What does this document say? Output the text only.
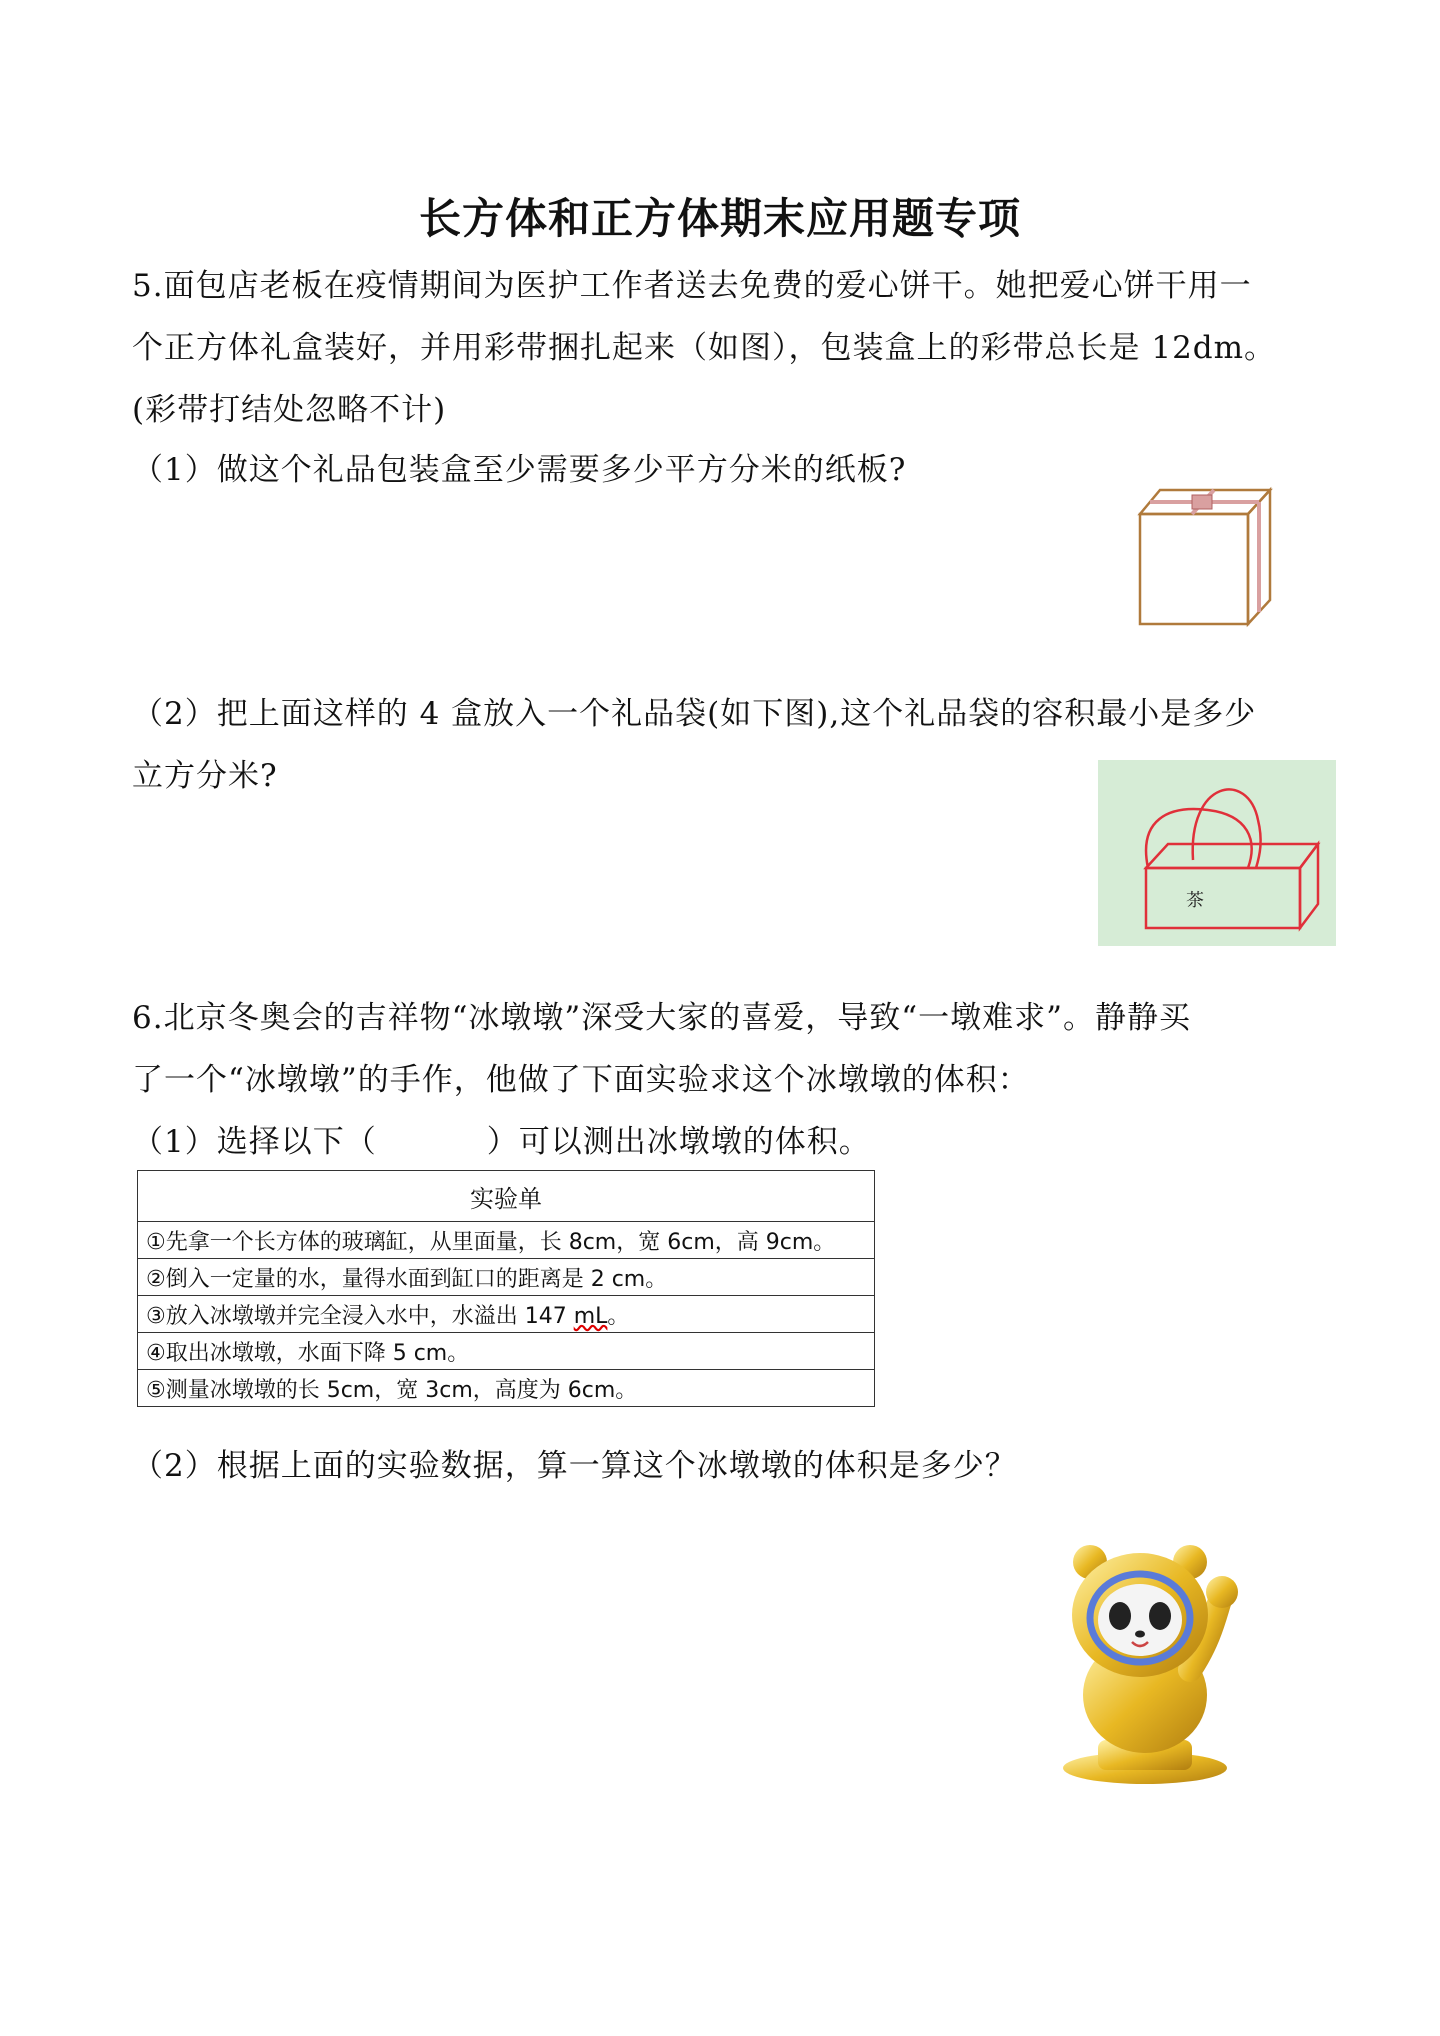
长方体和正方体期末应用题专项
5.面包店老板在疫情期间为医护工作者送去免费的爱心饼干。她把爱心饼干用一
个正方体礼盒装好，并用彩带捆扎起来（如图），包装盒上的彩带总长是 12dm。
(彩带打结处忽略不计)
（1）做这个礼品包装盒至少需要多少平方分米的纸板?
（2）把上面这样的 4 盒放入一个礼品袋(如下图),这个礼品袋的容积最小是多少
立方分米?
茶
6.北京冬奥会的吉祥物“冰墩墩”深受大家的喜爱，导致“一墩难求”。静静买
了一个“冰墩墩”的手作，他做了下面实验求这个冰墩墩的体积：
（1）选择以下（	）可以测出冰墩墩的体积。
实验单
①先拿一个长方体的玻璃缸，从里面量，长 8cm，宽 6cm，高 9cm。
②倒入一定量的水，量得水面到缸口的距离是 2 cm。
③放入冰墩墩并完全浸入水中，水溢出 147 mL。
④取出冰墩墩，水面下降 5 cm。
⑤测量冰墩墩的长 5cm，宽 3cm，高度为 6cm。
（2）根据上面的实验数据，算一算这个冰墩墩的体积是多少？
